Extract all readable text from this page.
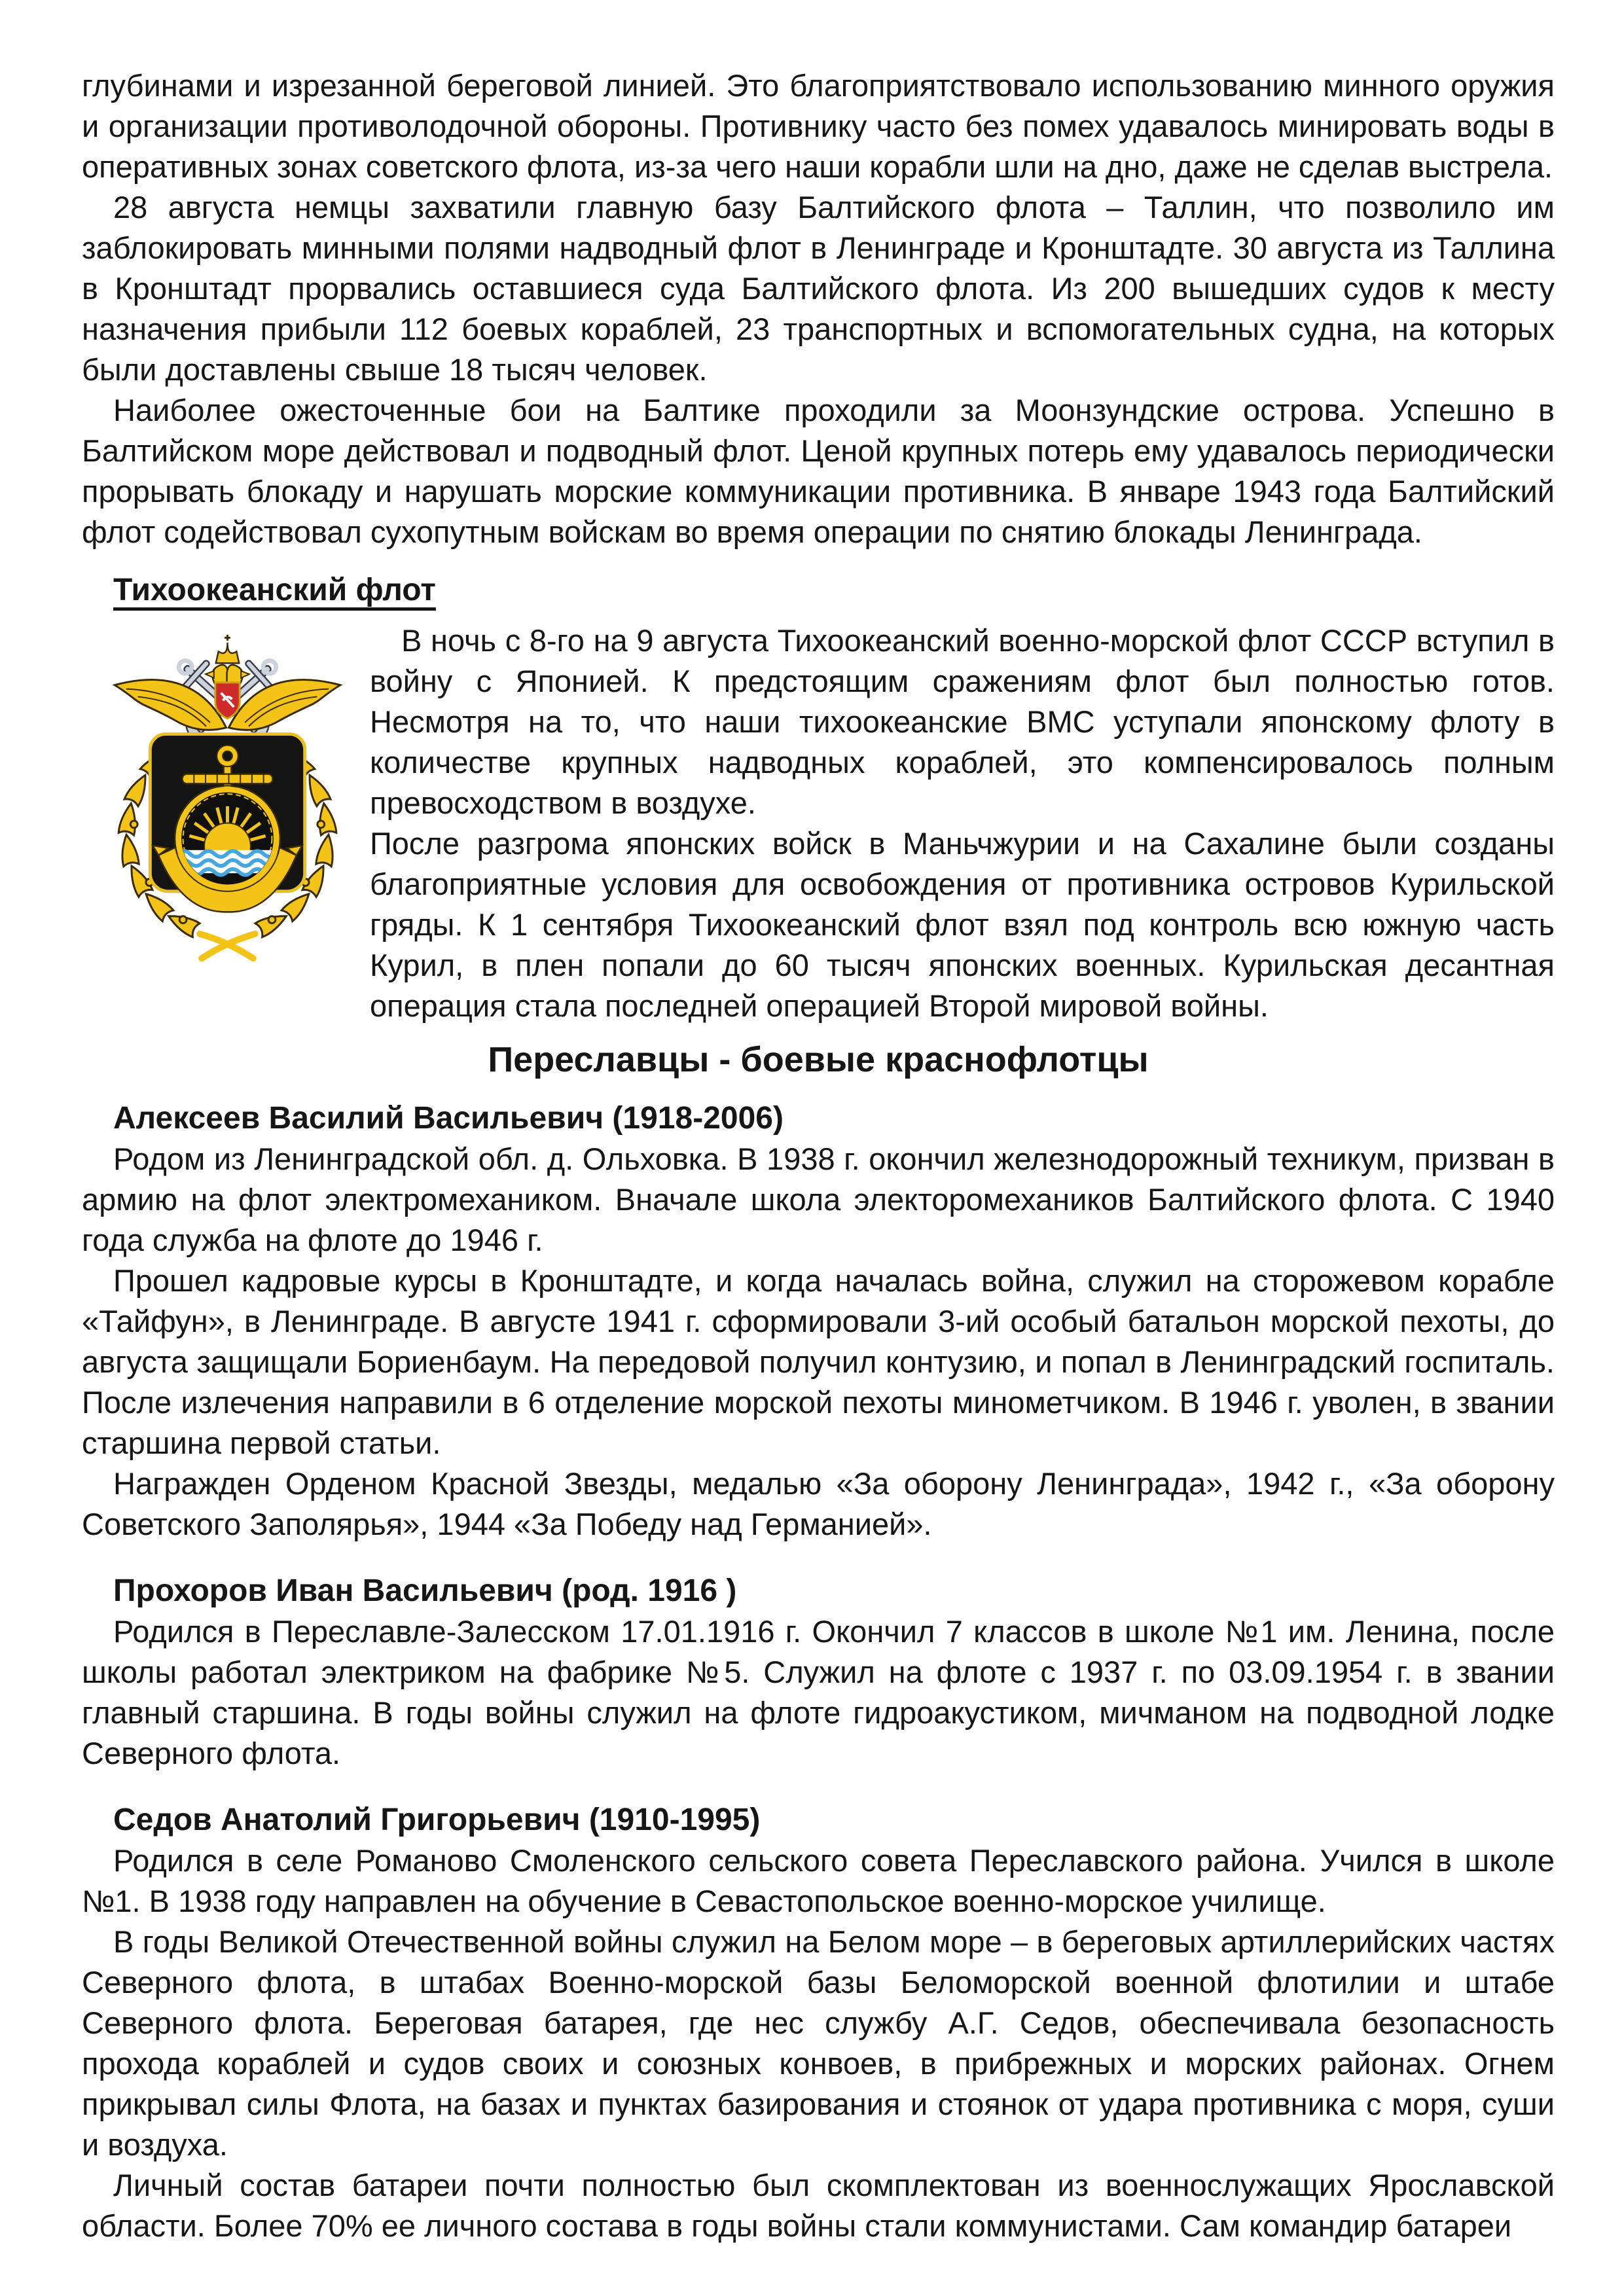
глубинами и изрезанной береговой линией. Это благоприятствовало использованию минного оружия и организации противолодочной обороны. Противнику часто без помех удавалось минировать воды в оперативных зонах советского флота, из-за чего наши корабли шли на дно, даже не сделав выстрела.

28 августа немцы захватили главную базу Балтийского флота – Таллин, что позволило им заблокировать минными полями надводный флот в Ленинграде и Кронштадте. 30 августа из Таллина в Кронштадт прорвались оставшиеся суда Балтийского флота. Из 200 вышедших судов к месту назначения прибыли 112 боевых кораблей, 23 транспортных и вспомогательных судна, на которых были доставлены свыше 18 тысяч человек.

Наиболее ожесточенные бои на Балтике проходили за Моонзундские острова. Успешно в Балтийском море действовал и подводный флот. Ценой крупных потерь ему удавалось периодически прорывать блокаду и нарушать морские коммуникации противника. В январе 1943 года Балтийский флот содействовал сухопутным войскам во время операции по снятию блокады Ленинграда.

Тихоокеанский флот

В ночь с 8-го на 9 августа Тихоокеанский военно-морской флот СССР вступил в войну с Японией. К предстоящим сражениям флот был полностью готов. Несмотря на то, что наши тихоокеанские ВМС уступали японскому флоту в количестве крупных надводных кораблей, это компенсировалось полным превосходством в воздухе.

После разгрома японских войск в Маньчжурии и на Сахалине были созданы благоприятные условия для освобождения от противника островов Курильской гряды. К 1 сентября Тихоокеанский флот взял под контроль всю южную часть Курил, в плен попали до 60 тысяч японских военных. Курильская десантная операция стала последней операцией Второй мировой войны.

Переславцы - боевые краснофлотцы
Алексеев Василий Васильевич (1918-2006)

Родом из Ленинградской обл. д. Ольховка. В 1938 г. окончил железнодорожный техникум, призван в армию на флот электромехаником. Вначале школа электоромехаников Балтийского флота. С 1940 года служба на флоте до 1946 г.

Прошел кадровые курсы в Кронштадте, и когда началась война, служил на сторожевом корабле «Тайфун», в Ленинграде. В августе 1941 г. сформировали 3-ий особый батальон морской пехоты, до августа защищали Бориенбаум. На передовой получил контузию, и попал в Ленинградский госпиталь. После излечения направили в 6 отделение морской пехоты минометчиком. В 1946 г. уволен, в звании старшина первой статьи.

Награжден Орденом Красной Звезды, медалью «За оборону Ленинграда», 1942 г., «За оборону Советского Заполярья», 1944 «За Победу над Германией».

Прохоров Иван Васильевич (род. 1916 )

Родился в Переславле-Залесском 17.01.1916 г. Окончил 7 классов в школе №1 им. Ленина, после школы работал электриком на фабрике №5. Служил на флоте с 1937 г. по 03.09.1954 г. в звании главный старшина. В годы войны служил на флоте гидроакустиком, мичманом на подводной лодке Северного флота.

Седов Анатолий Григорьевич (1910-1995)

Родился в селе Романово Смоленского сельского совета Переславского района. Учился в школе №1. В 1938 году направлен на обучение в Севастопольское военно-морское училище.

В годы Великой Отечественной войны служил на Белом море – в береговых артиллерийских частях Северного флота, в штабах Военно-морской базы Беломорской военной флотилии и штабе Северного флота. Береговая батарея, где нес службу А.Г. Седов, обеспечивала безопасность прохода кораблей и судов своих и союзных конвоев, в прибрежных и морских районах. Огнем прикрывал силы Флота, на базах и пунктах базирования и стоянок от удара противника с моря, суши и воздуха.

Личный состав батареи почти полностью был скомплектован из военнослужащих Ярославской области. Более 70% ее личного состава в годы войны стали коммунистами. Сам командир батареи
